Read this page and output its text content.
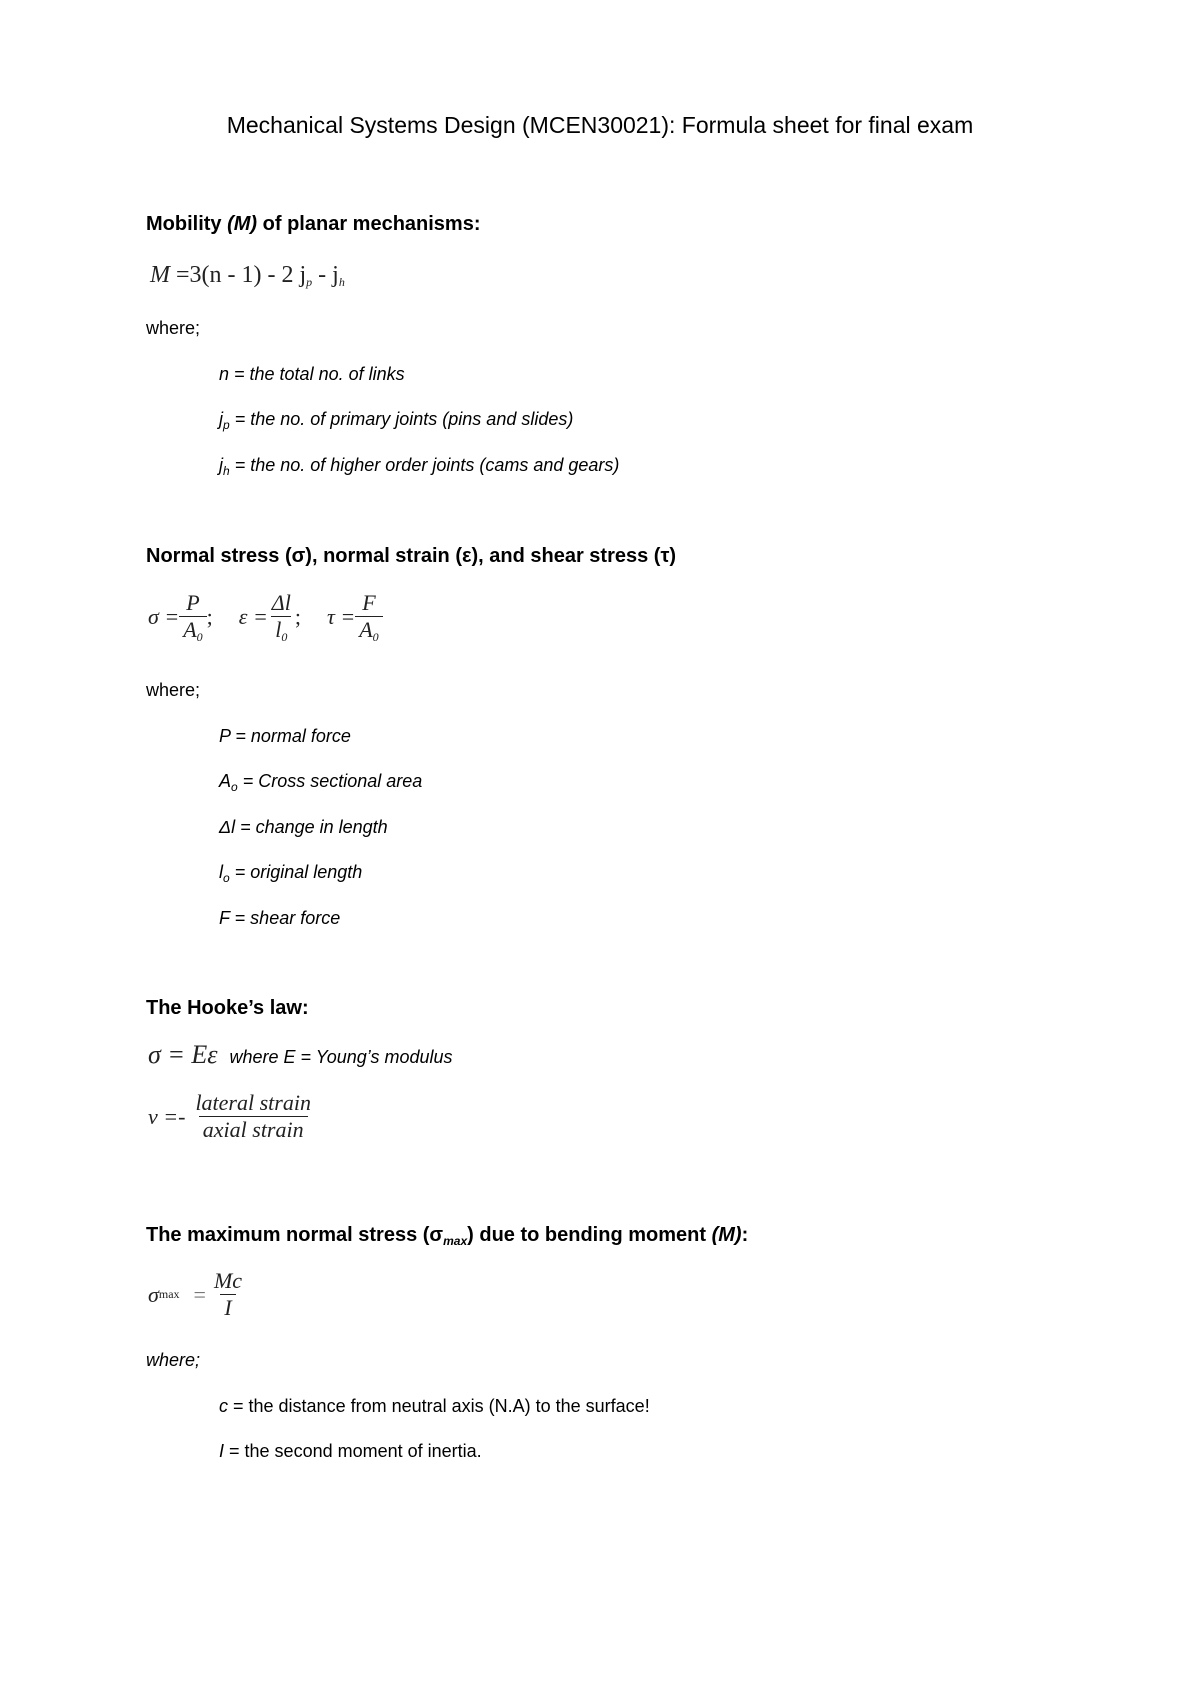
Mechanical Systems Design (MCEN30021): Formula sheet for final exam
Mobility (M) of planar mechanisms:
M =3(n - 1) - 2 $j_p - j_h$
where;
n = the total no. of links
$j_p$ = the no. of primary joints (pins and slides)
$j_h$ = the no. of higher order joints (cams and gears)
Normal stress (σ), normal strain (ε), and shear stress (τ)
$\sigma = \frac{P}{A_0}$ ; $\varepsilon = \frac{\Delta l}{l_0}$ ; $\tau = \frac{F}{A_0}$
where;
P = normal force
$A_o$ = Cross sectional area
Δl = change in length
$l_o$ = original length
F = shear force
The Hooke’s law:
σ = Eε where E = Young’s modulus
$\nu =- \frac{\text{lateral strain}}{\text{axial strain}}$
The maximum normal stress $(\sigma_{max})$ due to bending moment (M):
σ $\max = \frac{Mc}{I}$
where;
c = the distance from neutral axis (N.A) to the surface!
I = the second moment of inertia.
